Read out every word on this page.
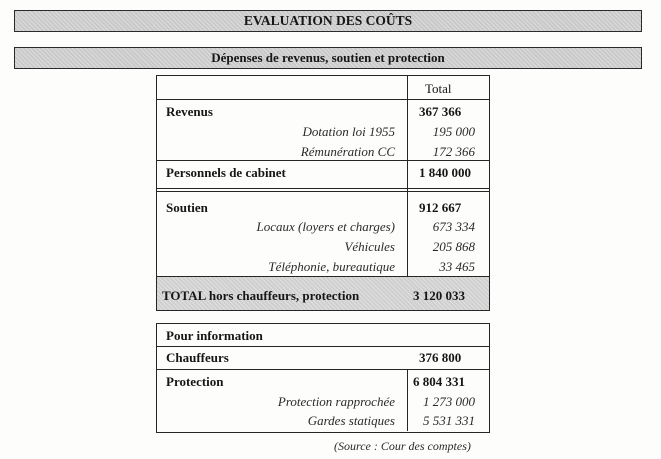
EVALUATION DES COÛTS
Dépenses de revenus, soutien et protection
Total
Revenus	367 366
Dotation loi 1955	195 000
Rémunération CC	172 366
Personnels de cabinet	1 840 000
Soutien	912 667
Locaux (loyers et charges)	673 334
Véhicules	205 868
Téléphonie, bureautique	33 465
TOTAL hors chauffeurs, protection	3 120 033
Pour information
Chauffeurs	376 800
Protection	6 804 331
Protection rapprochée 1 273 000
Gardes statiques 5 531 331
(Source : Cour des comptes)
